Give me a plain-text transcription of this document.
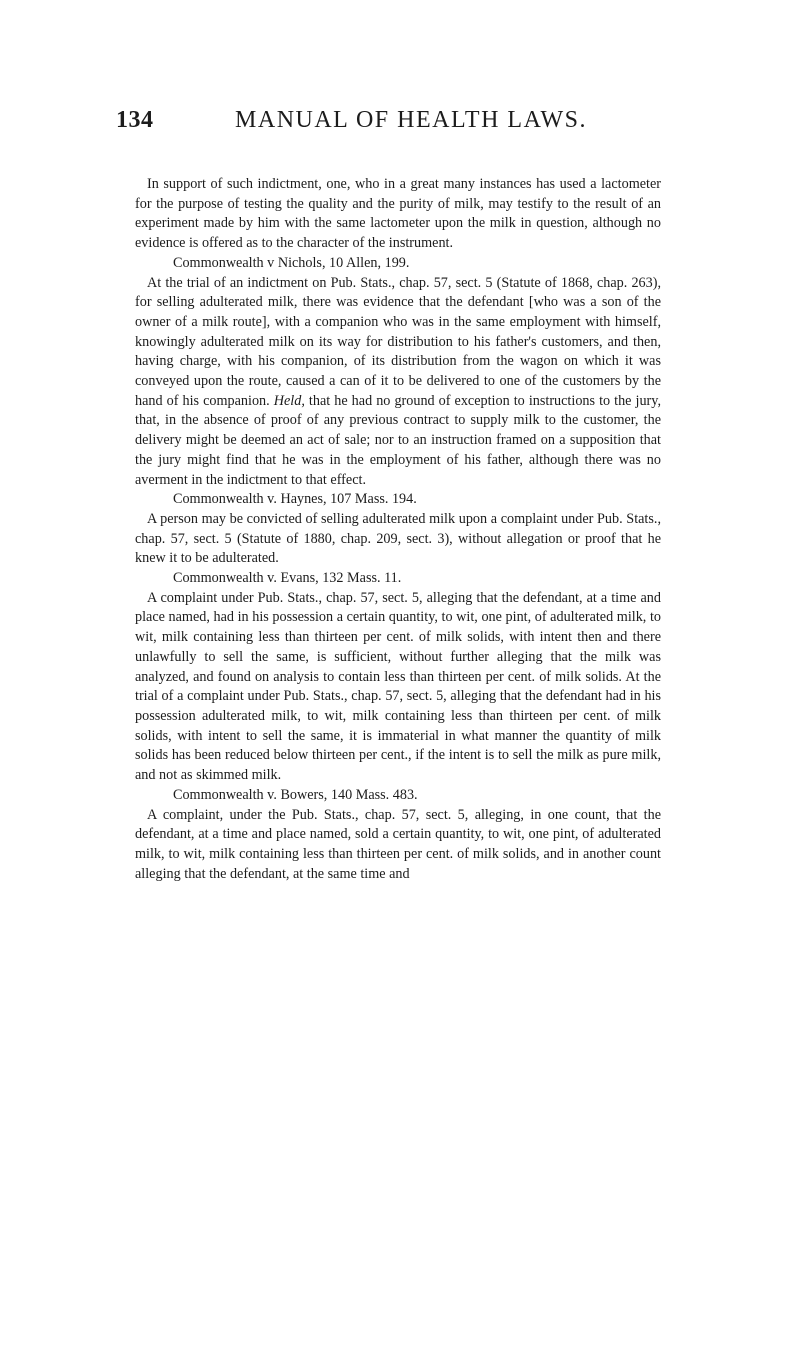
134	MANUAL OF HEALTH LAWS.

In support of such indictment, one, who in a great many instances has used a lactometer for the purpose of testing the quality and the purity of milk, may testify to the result of an experiment made by him with the same lactometer upon the milk in question, although no evidence is offered as to the character of the instrument.

Commonwealth v Nichols, 10 Allen, 199.

At the trial of an indictment on Pub. Stats., chap. 57, sect. 5 (Statute of 1868, chap. 263), for selling adulterated milk, there was evidence that the defendant [who was a son of the owner of a milk route], with a companion who was in the same employment with himself, knowingly adulterated milk on its way for distribution to his father's customers, and then, having charge, with his companion, of its distribution from the wagon on which it was conveyed upon the route, caused a can of it to be delivered to one of the customers by the hand of his companion. Held, that he had no ground of exception to instructions to the jury, that, in the absence of proof of any previous contract to supply milk to the customer, the delivery might be deemed an act of sale; nor to an instruction framed on a supposition that the jury might find that he was in the employment of his father, although there was no averment in the indictment to that effect.

Commonwealth v. Haynes, 107 Mass. 194.

A person may be convicted of selling adulterated milk upon a complaint under Pub. Stats., chap. 57, sect. 5 (Statute of 1880, chap. 209, sect. 3), without allegation or proof that he knew it to be adulterated.

Commonwealth v. Evans, 132 Mass. 11.

A complaint under Pub. Stats., chap. 57, sect. 5, alleging that the defendant, at a time and place named, had in his possession a certain quantity, to wit, one pint, of adulterated milk, to wit, milk containing less than thirteen per cent. of milk solids, with intent then and there unlawfully to sell the same, is sufficient, without further alleging that the milk was analyzed, and found on analysis to contain less than thirteen per cent. of milk solids. At the trial of a complaint under Pub. Stats., chap. 57, sect. 5, alleging that the defendant had in his possession adulterated milk, to wit, milk containing less than thirteen per cent. of milk solids, with intent to sell the same, it is immaterial in what manner the quantity of milk solids has been reduced below thirteen per cent., if the intent is to sell the milk as pure milk, and not as skimmed milk.

Commonwealth v. Bowers, 140 Mass. 483.

A complaint, under the Pub. Stats., chap. 57, sect. 5, alleging, in one count, that the defendant, at a time and place named, sold a certain quantity, to wit, one pint, of adulterated milk, to wit, milk containing less than thirteen per cent. of milk solids, and in another count alleging that the defendant, at the same time and
